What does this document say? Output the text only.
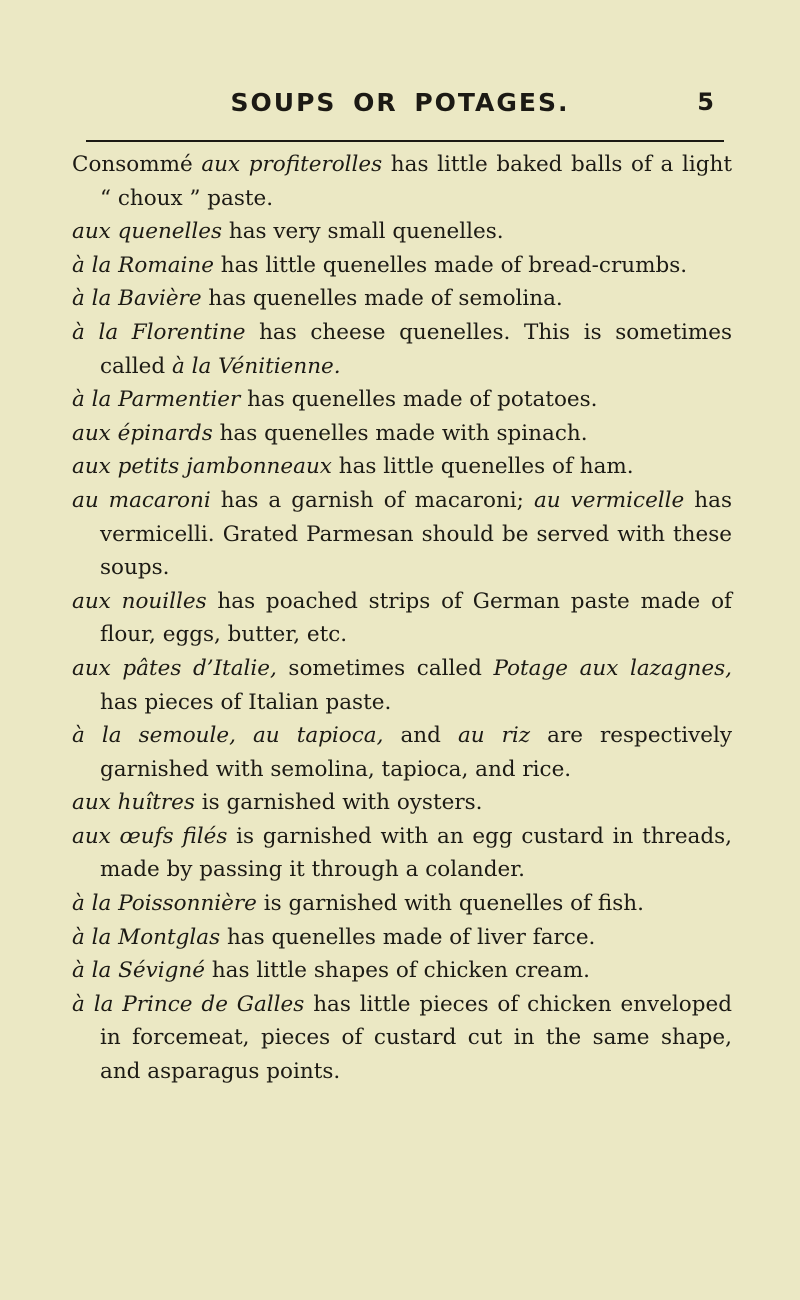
SOUPS OR POTAGES.	5

Consommé aux profiterolles has little baked balls of a light “ choux ” paste.

aux quenelles has very small quenelles.

à la Romaine has little quenelles made of bread-crumbs.

à la Bavière has quenelles made of semolina.

à la Florentine has cheese quenelles. This is sometimes called à la Vénitienne.

à la Parmentier has quenelles made of potatoes.

aux épinards has quenelles made with spinach.

aux petits jambonneaux has little quenelles of ham.

au macaroni has a garnish of macaroni; au vermicelle has vermicelli. Grated Parmesan should be served with these soups.

aux nouilles has poached strips of German paste made of flour, eggs, butter, etc.

aux pâtes d’Italie, sometimes called Potage aux lazagnes, has pieces of Italian paste.

à la semoule, au tapioca, and au riz are respectively garnished with semolina, tapioca, and rice.

aux huîtres is garnished with oysters.

aux œufs filés is garnished with an egg custard in threads, made by passing it through a colander.

à la Poissonnière is garnished with quenelles of fish.

à la Montglas has quenelles made of liver farce.

à la Sévigné has little shapes of chicken cream.

à la Prince de Galles has little pieces of chicken enveloped in forcemeat, pieces of custard cut in the same shape, and asparagus points.
